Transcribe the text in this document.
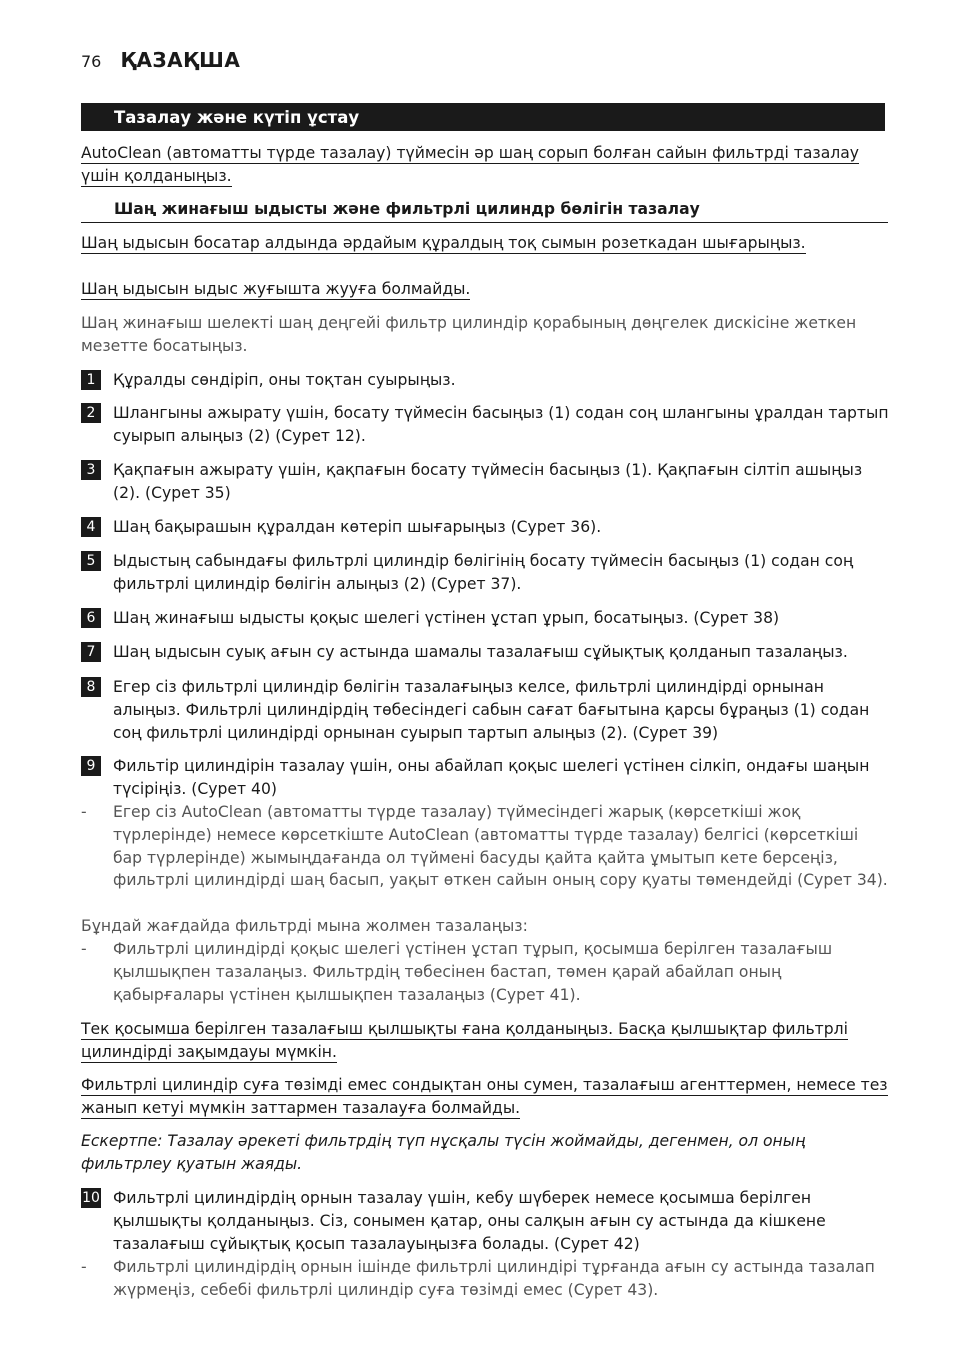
76 ҚАЗАҚША
Тазалау және күтіп ұстау
AutoClean (автоматты түрде тазалау) түймесін әр шаң сорып болған сайын фильтрді тазалау үшін қолданыңыз.
Шаң жинағыш ыдысты және фильтрлі цилиндр бөлігін тазалау
Шаң ыдысын босатар алдында әрдайым құралдың тоқ сымын розеткадан шығарыңыз.
Шаң ыдысын ыдыс жуғышта жууға болмайды.
Шаң жинағыш шелекті шаң деңгейі фильтр цилиндір қорабының дөңгелек дискісіне жеткен мезетте босатыңыз.
1	Құралды сөндіріп, оны тоқтан суырыңыз.
2	Шлангыны ажырату үшін, босату түймесін басыңыз (1) содан соң шлангыны ұралдан тартып суырып алыңыз (2) (Сурет 12).
3	Қақпағын ажырату үшін, қақпағын босату түймесін басыңыз (1). Қақпағын сілтіп ашыңыз (2). (Сурет 35)
4	Шаң бақырашын құралдан көтеріп шығарыңыз (Сурет 36).
5	Ыдыстың сабындағы фильтрлі цилиндір бөлігінің босату түймесін басыңыз (1) содан соң фильтрлі цилиндір бөлігін алыңыз (2) (Сурет 37).
6	Шаң жинағыш ыдысты қоқыс шелегі үстінен ұстап ұрып, босатыңыз. (Сурет 38)
7	Шаң ыдысын суық ағын су астында шамалы тазалағыш сұйықтық қолданып тазалаңыз.
8	Егер сіз фильтрлі цилиндір бөлігін тазалағыңыз келсе, фильтрлі цилиндірді орнынан алыңыз. Фильтрлі цилиндірдің төбесіндегі сабын сағат бағытына қарсы бұраңыз (1) содан соң фильтрлі цилиндірді орнынан суырып тартып алыңыз (2). (Сурет 39)
9	Фильтір цилиндірін тазалау үшін, оны абайлап қоқыс шелегі үстінен сілкіп, ондағы шаңын түсіріңіз. (Сурет 40)
- Егер сіз AutoClean (автоматты түрде тазалау) түймесіндегі жарық (көрсеткіші жоқ түрлерінде) немесе көрсеткіште AutoClean (автоматты түрде тазалау) белгісі (көрсеткіші бар түрлерінде) жымыңдағанда ол түймені басуды қайта қайта ұмытып кете берсеңіз, фильтрлі цилиндірді шаң басып, уақыт өткен сайын оның сору қуаты төмендейді (Сурет 34).
Бұндай жағдайда фильтрді мына жолмен тазалаңыз:
- Фильтрлі цилиндірді қоқыс шелегі үстінен ұстап тұрып, қосымша берілген тазалағыш қылшықпен тазалаңыз. Фильтрдің төбесінен бастап, төмен қарай абайлап оның қабырғалары үстінен қылшықпен тазалаңыз (Сурет 41).
Тек қосымша берілген тазалағыш қылшықты ғана қолданыңыз. Басқа қылшықтар фильтрлі цилиндірді зақымдауы мүмкін.
Фильтрлі цилиндір суға төзімді емес сондықтан оны сумен, тазалағыш агенттермен, немесе тез жанып кетуі мүмкін заттармен тазалауға болмайды.
Ескертпе: Тазалау әрекеті фильтрдің түп нұсқалы түсін жоймайды, дегенмен, ол оның фильтрлеу қуатын жаяды.
10 Фильтрлі цилиндірдің орнын тазалау үшін, кебу шүберек немесе қосымша берілген қылшықты қолданыңыз. Сіз, сонымен қатар, оны салқын ағын су астында да кішкене тазалағыш сұйықтық қосып тазалауыңызға болады. (Сурет 42)
- Фильтрлі цилиндірдің орнын ішінде фильтрлі цилиндірі тұрғанда ағын су астында тазалап жүрмеңіз, себебі фильтрлі цилиндір суға төзімді емес (Сурет 43).
